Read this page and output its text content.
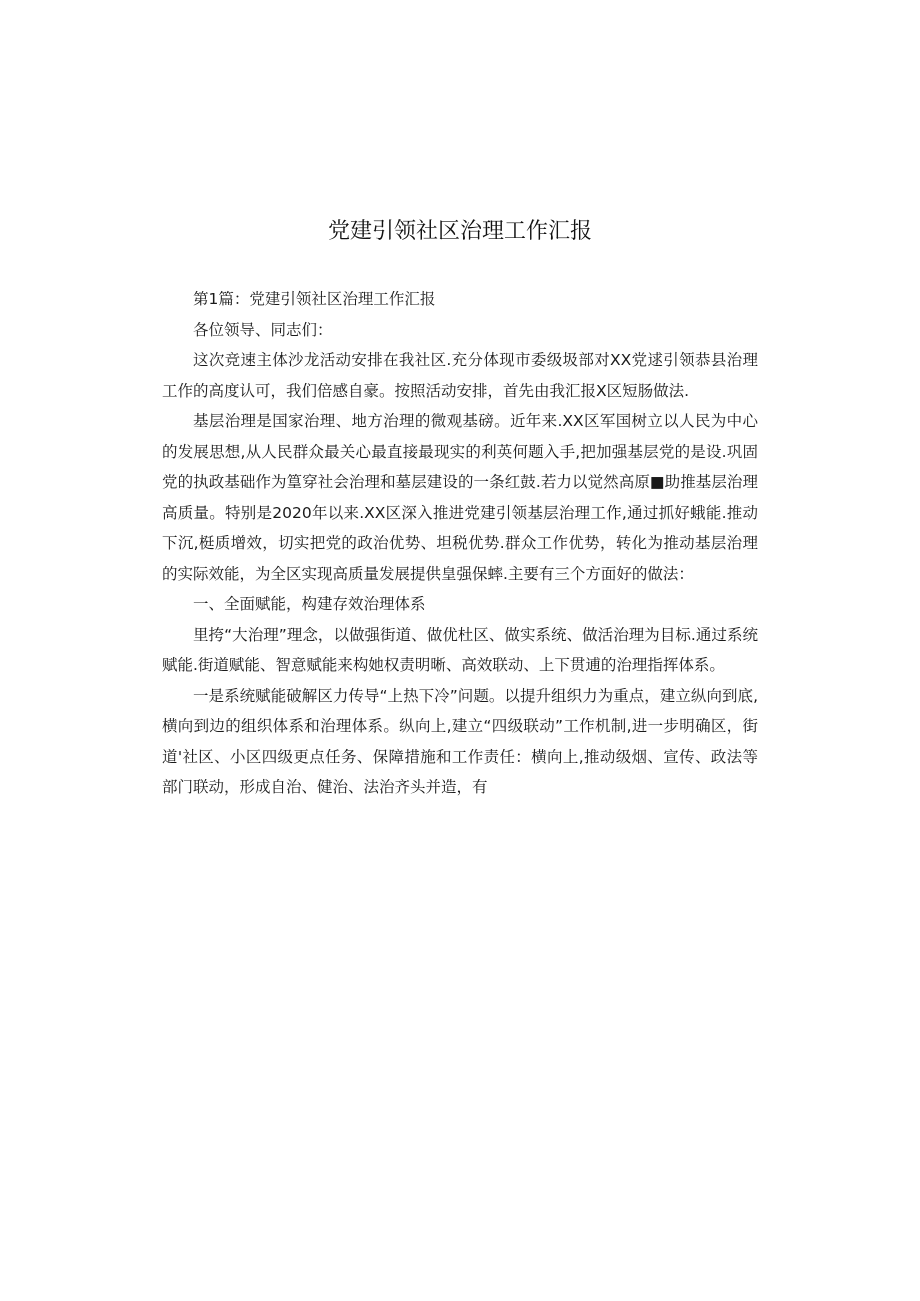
党建引领社区治理工作汇报

第1篇：党建引领社区治理工作汇报

各位领导、同志们：

这次竞速主体沙龙活动安排在我社区.充分体现市委级圾部对XX党逑引领恭县治理工作的高度认可，我们倍感自豪。按照活动安排，首先由我汇报X区短肠做法.

基层治理是国家治理、地方治理的微观基磅。近年来.XX区军国树立以人民为中心的发展思想,从人民群众最关心最直接最现实的利英何题入手,把加强基层党的是设.巩固党的执政基础作为篁穿社会治理和墓层建设的一条红鼓.若力以觉然高原■助推基层治理高质量。特别是2020年以来.XX区深入推进党建引领基层治理工作,通过抓好蛾能.推动下沉,梃质增效，切实把党的政治优势、坦税优势.群众工作优势，转化为推动基层治理的实际效能，为全区实现高质量发展提供皇强保蟀.主要有三个方面好的做法：

一、全面赋能，构建存效治理体系

里挎“大治理”理念，以做强街道、做优杜区、做实系统、做活治理为目标.通过系统赋能.街道赋能、智意赋能来构她权责明晰、高效联动、上下贯逋的治理指挥体系。

一是系统赋能破解区力传导“上热下冷”问题。以提升组织力为重点，建立纵向到底,横向到边的组织体系和治理体系。纵向上,建立“四级联动”工作机制,进一步明确区，街道'社区、小区四级更点任务、保障措施和工作责任：横向上,推动级烟、宣传、政法等部门联动，形成自治、健治、法治齐头并造，有
